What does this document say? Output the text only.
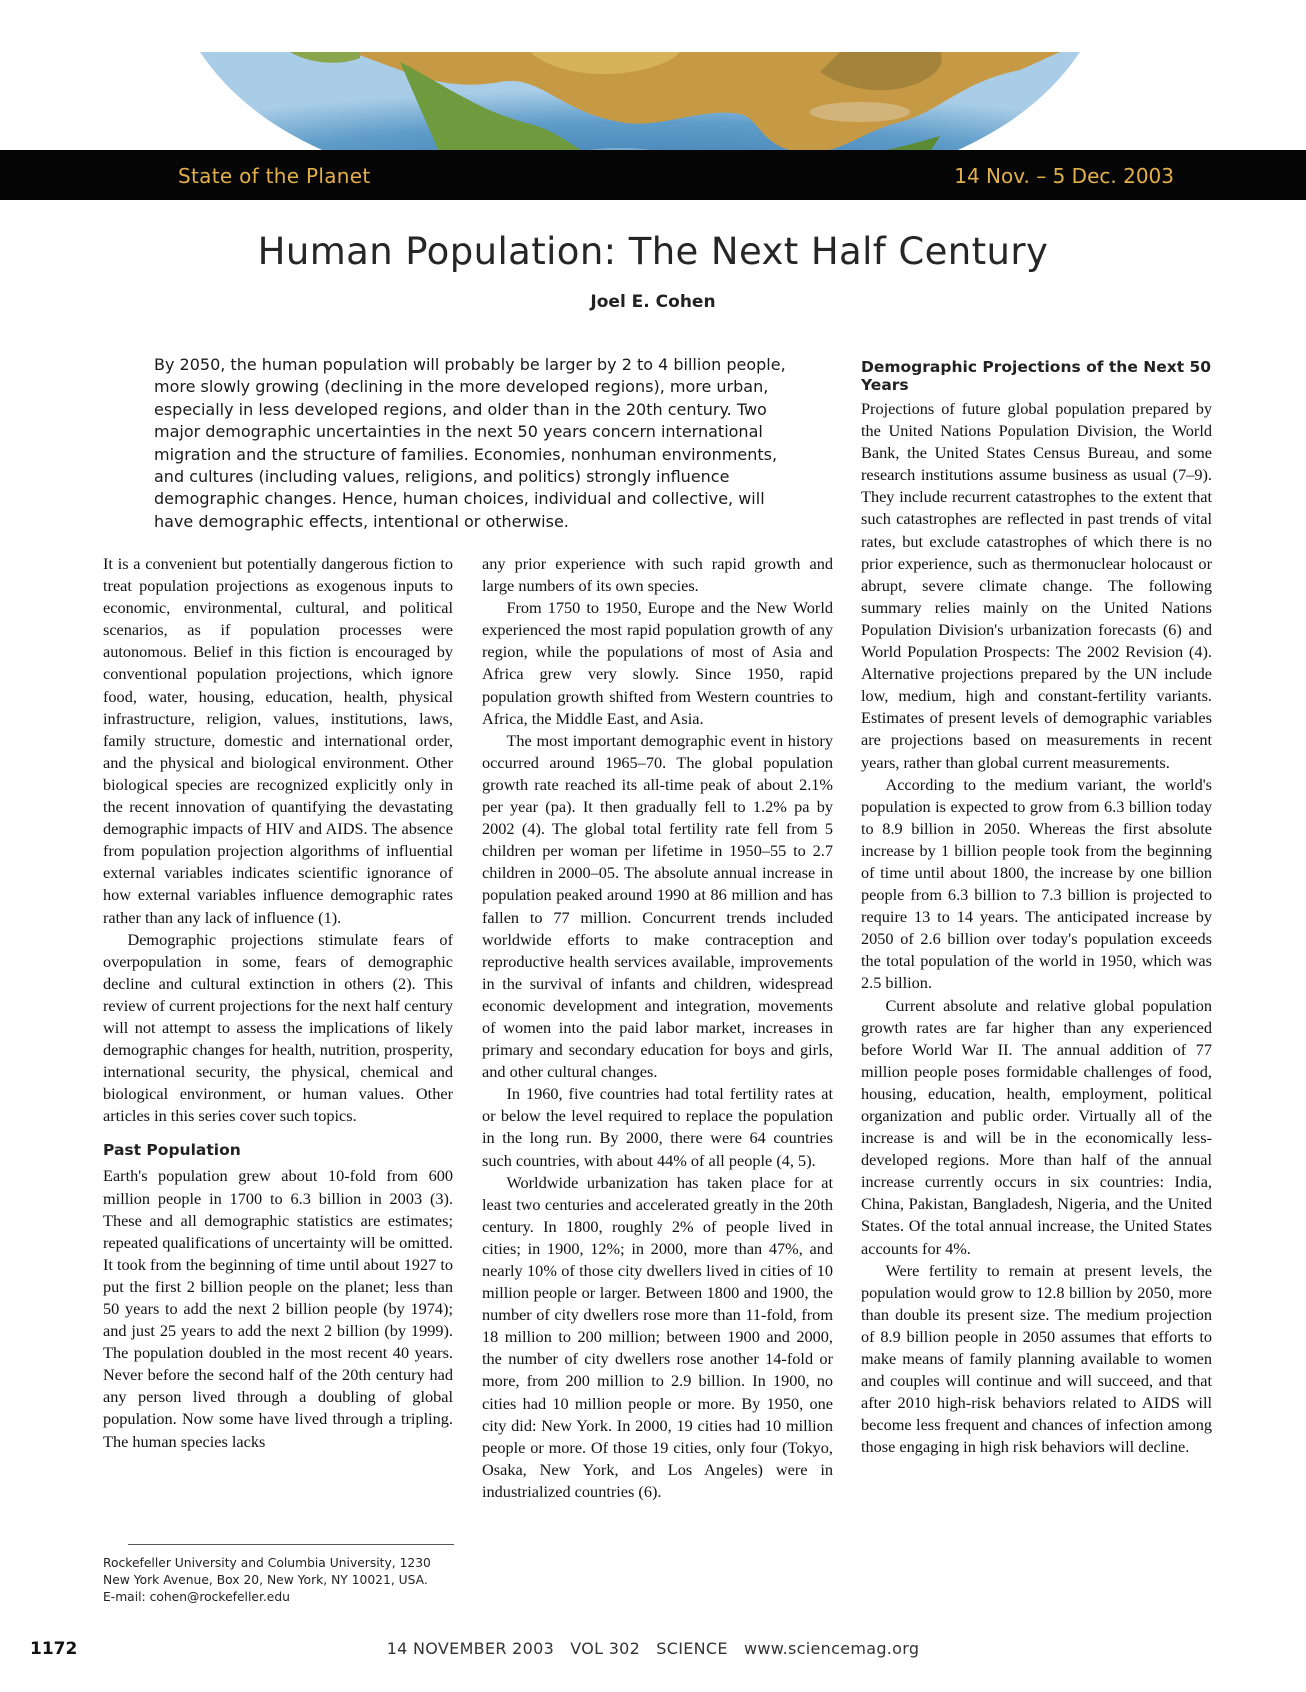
State of the Planet	14 Nov. – 5 Dec. 2003
Human Population: The Next Half Century
Joel E. Cohen

By 2050, the human population will probably be larger by 2 to 4 billion people, more slowly growing (declining in the more developed regions), more urban, especially in less developed regions, and older than in the 20th century. Two major demographic uncertainties in the next 50 years concern international migration and the structure of families. Economies, nonhuman environments, and cultures (including values, religions, and politics) strongly influence demographic changes. Hence, human choices, individual and collective, will have demographic effects, intentional or otherwise.

It is a convenient but potentially dangerous fiction to treat population projections as exogenous inputs to economic, environmental, cultural, and political scenarios, as if population processes were autonomous. Belief in this fiction is encouraged by conventional population projections, which ignore food, water, housing, education, health, physical infrastructure, religion, values, institutions, laws, family structure, domestic and international order, and the physical and biological environment. Other biological species are recognized explicitly only in the recent innovation of quantifying the devastating demographic impacts of HIV and AIDS. The absence from population projection algorithms of influential external variables indicates scientific ignorance of how external variables influence demographic rates rather than any lack of influence (1).

Demographic projections stimulate fears of overpopulation in some, fears of demographic decline and cultural extinction in others (2). This review of current projections for the next half century will not attempt to assess the implications of likely demographic changes for health, nutrition, prosperity, international security, the physical, chemical and biological environment, or human values. Other articles in this series cover such topics.

Past Population

Earth's population grew about 10-fold from 600 million people in 1700 to 6.3 billion in 2003 (3). These and all demographic statistics are estimates; repeated qualifications of uncertainty will be omitted. It took from the beginning of time until about 1927 to put the first 2 billion people on the planet; less than 50 years to add the next 2 billion people (by 1974); and just 25 years to add the next 2 billion (by 1999). The population doubled in the most recent 40 years. Never before the second half of the 20th century had any person lived through a doubling of global population. Now some have lived through a tripling. The human species lacks

any prior experience with such rapid growth and large numbers of its own species.

From 1750 to 1950, Europe and the New World experienced the most rapid population growth of any region, while the populations of most of Asia and Africa grew very slowly. Since 1950, rapid population growth shifted from Western countries to Africa, the Middle East, and Asia.

The most important demographic event in history occurred around 1965–70. The global population growth rate reached its all-time peak of about 2.1% per year (pa). It then gradually fell to 1.2% pa by 2002 (4). The global total fertility rate fell from 5 children per woman per lifetime in 1950–55 to 2.7 children in 2000–05. The absolute annual increase in population peaked around 1990 at 86 million and has fallen to 77 million. Concurrent trends included worldwide efforts to make contraception and reproductive health services available, improvements in the survival of infants and children, widespread economic development and integration, movements of women into the paid labor market, increases in primary and secondary education for boys and girls, and other cultural changes.

In 1960, five countries had total fertility rates at or below the level required to replace the population in the long run. By 2000, there were 64 countries such countries, with about 44% of all people (4, 5).

Worldwide urbanization has taken place for at least two centuries and accelerated greatly in the 20th century. In 1800, roughly 2% of people lived in cities; in 1900, 12%; in 2000, more than 47%, and nearly 10% of those city dwellers lived in cities of 10 million people or larger. Between 1800 and 1900, the number of city dwellers rose more than 11-fold, from 18 million to 200 million; between 1900 and 2000, the number of city dwellers rose another 14-fold or more, from 200 million to 2.9 billion. In 1900, no cities had 10 million people or more. By 1950, one city did: New York. In 2000, 19 cities had 10 million people or more. Of those 19 cities, only four (Tokyo, Osaka, New York, and Los Angeles) were in industrialized countries (6).

Demographic Projections of the Next 50 Years

Projections of future global population prepared by the United Nations Population Division, the World Bank, the United States Census Bureau, and some research institutions assume business as usual (7–9). They include recurrent catastrophes to the extent that such catastrophes are reflected in past trends of vital rates, but exclude catastrophes of which there is no prior experience, such as thermonuclear holocaust or abrupt, severe climate change. The following summary relies mainly on the United Nations Population Division's urbanization forecasts (6) and World Population Prospects: The 2002 Revision (4). Alternative projections prepared by the UN include low, medium, high and constant-fertility variants. Estimates of present levels of demographic variables are projections based on measurements in recent years, rather than global current measurements.

According to the medium variant, the world's population is expected to grow from 6.3 billion today to 8.9 billion in 2050. Whereas the first absolute increase by 1 billion people took from the beginning of time until about 1800, the increase by one billion people from 6.3 billion to 7.3 billion is projected to require 13 to 14 years. The anticipated increase by 2050 of 2.6 billion over today's population exceeds the total population of the world in 1950, which was 2.5 billion.

Current absolute and relative global population growth rates are far higher than any experienced before World War II. The annual addition of 77 million people poses formidable challenges of food, housing, education, health, employment, political organization and public order. Virtually all of the increase is and will be in the economically less-developed regions. More than half of the annual increase currently occurs in six countries: India, China, Pakistan, Bangladesh, Nigeria, and the United States. Of the total annual increase, the United States accounts for 4%.

Were fertility to remain at present levels, the population would grow to 12.8 billion by 2050, more than double its present size. The medium projection of 8.9 billion people in 2050 assumes that efforts to make means of family planning available to women and couples will continue and will succeed, and that after 2010 high-risk behaviors related to AIDS will become less frequent and chances of infection among those engaging in high risk behaviors will decline.

Rockefeller University and Columbia University, 1230
New York Avenue, Box 20, New York, NY 10021, USA.
E-mail: cohen@rockefeller.edu

1172	14 NOVEMBER 2003   VOL 302   SCIENCE   www.sciencemag.org
